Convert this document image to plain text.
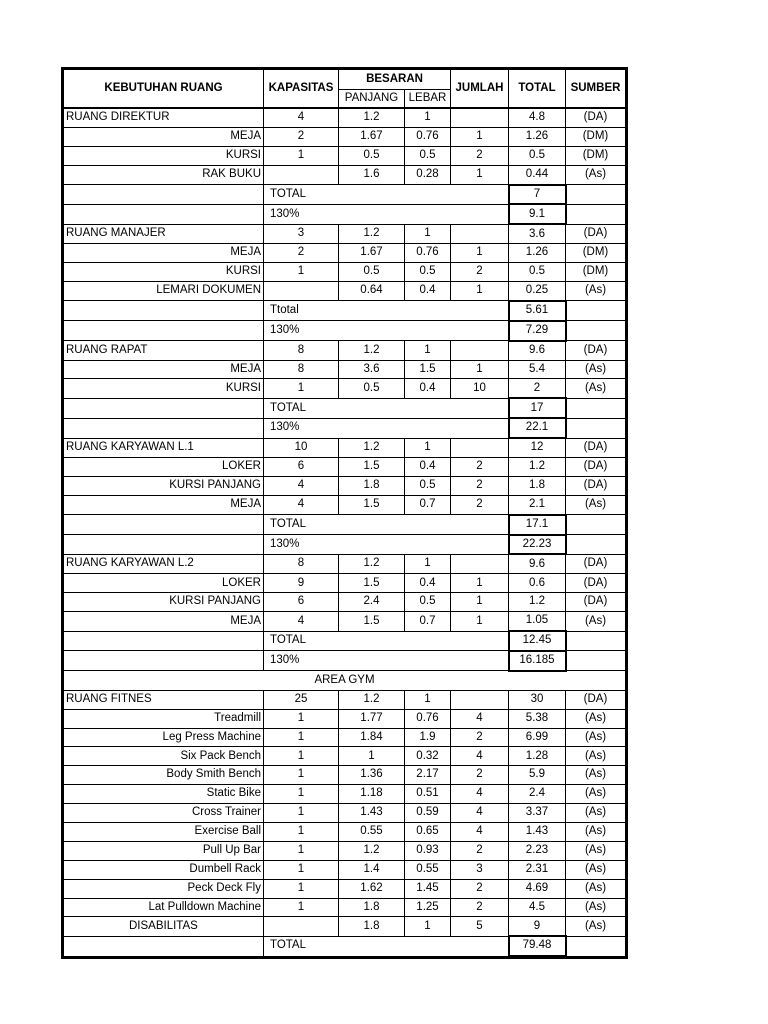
KEBUTUHAN RUANG	KAPASITAS	BESARAN		JUMLAH	TOTAL	SUMBER
		PANJANG	LEBAR			
RUANG DIREKTUR	4	1.2	1		4.8	(DA)
MEJA	2	1.67	0.76	1	1.26	(DM)
KURSI	1	0.5	0.5	2	0.5	(DM)
RAK BUKU		1.6	0.28	1	0.44	(As)
	TOTAL				7	
	130%				9.1	
RUANG MANAJER	3	1.2	1		3.6	(DA)
MEJA	2	1.67	0.76	1	1.26	(DM)
KURSI	1	0.5	0.5	2	0.5	(DM)
LEMARI DOKUMEN		0.64	0.4	1	0.25	(As)
	Ttotal				5.61	
	130%				7.29	
RUANG RAPAT	8	1.2	1		9.6	(DA)
MEJA	8	3.6	1.5	1	5.4	(As)
KURSI	1	0.5	0.4	10	2	(As)
	TOTAL				17	
	130%				22.1	
RUANG KARYAWAN L.1	10	1.2	1		12	(DA)
LOKER	6	1.5	0.4	2	1.2	(DA)
KURSI PANJANG	4	1.8	0.5	2	1.8	(DA)
MEJA	4	1.5	0.7	2	2.1	(As)
	TOTAL				17.1	
	130%				22.23	
RUANG KARYAWAN L.2	8	1.2	1		9.6	(DA)
LOKER	9	1.5	0.4	1	0.6	(DA)
KURSI PANJANG	6	2.4	0.5	1	1.2	(DA)
MEJA	4	1.5	0.7	1	1.05	(As)
	TOTAL				12.45	
	130%				16.185	
AREA GYM						
RUANG FITNES	25	1.2	1		30	(DA)
Treadmill	1	1.77	0.76	4	5.38	(As)
Leg Press Machine	1	1.84	1.9	2	6.99	(As)
Six Pack Bench	1	1	0.32	4	1.28	(As)
Body Smith Bench	1	1.36	2.17	2	5.9	(As)
Static Bike	1	1.18	0.51	4	2.4	(As)
Cross Trainer	1	1.43	0.59	4	3.37	(As)
Exercise Ball	1	0.55	0.65	4	1.43	(As)
Pull Up Bar	1	1.2	0.93	2	2.23	(As)
Dumbell Rack	1	1.4	0.55	3	2.31	(As)
Peck Deck Fly	1	1.62	1.45	2	4.69	(As)
Lat Pulldown Machine	1	1.8	1.25	2	4.5	(As)
DISABILITAS		1.8	1	5	9	(As)
	TOTAL				79.48	
